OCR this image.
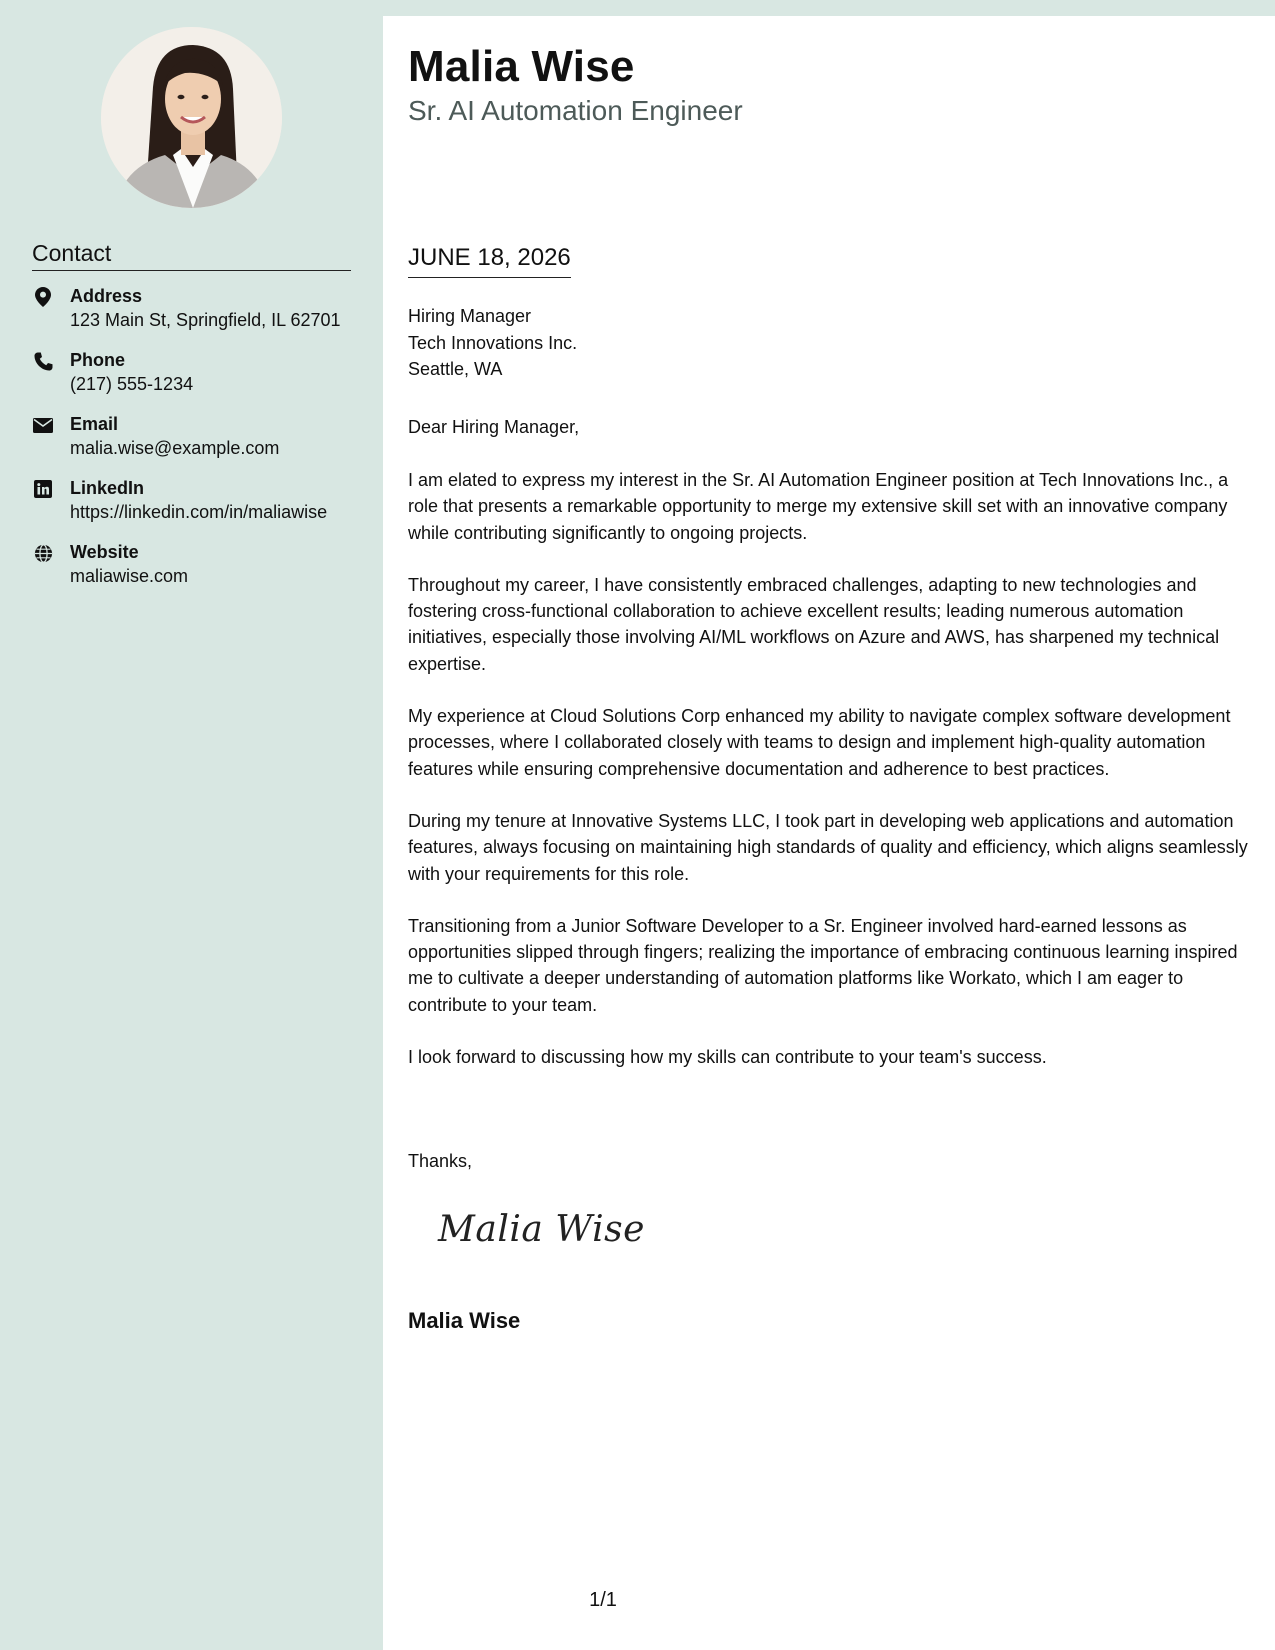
Contact
Address
123 Main St, Springfield, IL 62701
Phone
(217) 555-1234
Email
malia.wise@example.com
LinkedIn
https://linkedin.com/in/maliawise
Website
maliawise.com
Malia Wise
Sr. AI Automation Engineer
JUNE 18, 2026
Hiring Manager
Tech Innovations Inc.
Seattle, WA
Dear Hiring Manager,

I am elated to express my interest in the Sr. AI Automation Engineer position at Tech Innovations Inc., a role that presents a remarkable opportunity to merge my extensive skill set with an innovative company while contributing significantly to ongoing projects.

Throughout my career, I have consistently embraced challenges, adapting to new technologies and fostering cross-functional collaboration to achieve excellent results; leading numerous automation initiatives, especially those involving AI/ML workflows on Azure and AWS, has sharpened my technical expertise.

My experience at Cloud Solutions Corp enhanced my ability to navigate complex software development processes, where I collaborated closely with teams to design and implement high-quality automation features while ensuring comprehensive documentation and adherence to best practices.

During my tenure at Innovative Systems LLC, I took part in developing web applications and automation features, always focusing on maintaining high standards of quality and efficiency, which aligns seamlessly with your requirements for this role.

Transitioning from a Junior Software Developer to a Sr. Engineer involved hard-earned lessons as opportunities slipped through fingers; realizing the importance of embracing continuous learning inspired me to cultivate a deeper understanding of automation platforms like Workato, which I am eager to contribute to your team.

I look forward to discussing how my skills can contribute to your team's success.

Thanks,
Malia Wise
Malia Wise
1/1
